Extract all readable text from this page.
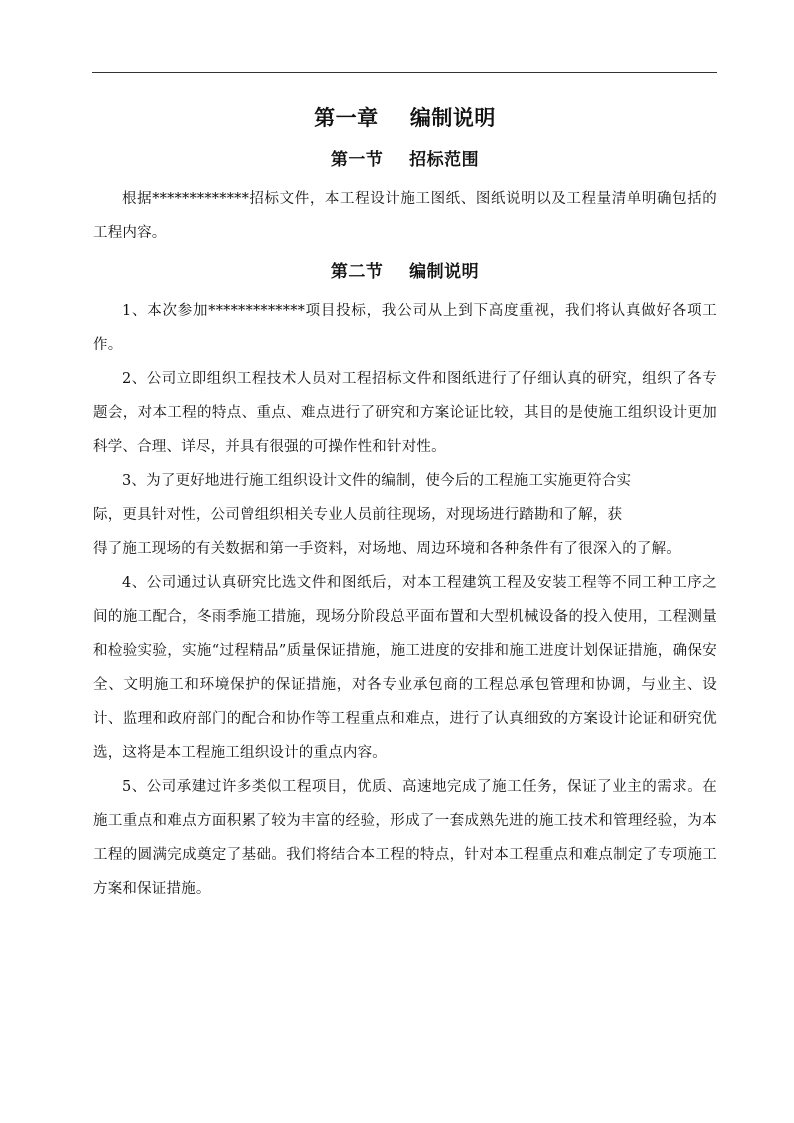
第一章    编制说明
第一节    招标范围

根据*************招标文件，本工程设计施工图纸、图纸说明以及工程量清单明确包括的工程内容。

第二节    编制说明

1、本次参加*************项目投标，我公司从上到下高度重视，我们将认真做好各项工作。

2、公司立即组织工程技术人员对工程招标文件和图纸进行了仔细认真的研究，组织了各专题会，对本工程的特点、重点、难点进行了研究和方案论证比较，其目的是使施工组织设计更加科学、合理、详尽，并具有很强的可操作性和针对性。

3、为了更好地进行施工组织设计文件的编制，使今后的工程施工实施更符合实
际，更具针对性，公司曾组织相关专业人员前往现场，对现场进行踏勘和了解，获
得了施工现场的有关数据和第一手资料，对场地、周边环境和各种条件有了很深入的了解。

4、公司通过认真研究比选文件和图纸后，对本工程建筑工程及安装工程等不同工种工序之间的施工配合，冬雨季施工措施，现场分阶段总平面布置和大型机械设备的投入使用，工程测量和检验实验，实施“过程精品”质量保证措施，施工进度的安排和施工进度计划保证措施，确保安全、文明施工和环境保护的保证措施，对各专业承包商的工程总承包管理和协调，与业主、设计、监理和政府部门的配合和协作等工程重点和难点，进行了认真细致的方案设计论证和研究优选，这将是本工程施工组织设计的重点内容。

5、公司承建过许多类似工程项目，优质、高速地完成了施工任务，保证了业主的需求。在施工重点和难点方面积累了较为丰富的经验，形成了一套成熟先进的施工技术和管理经验，为本工程的圆满完成奠定了基础。我们将结合本工程的特点，针对本工程重点和难点制定了专项施工方案和保证措施。
